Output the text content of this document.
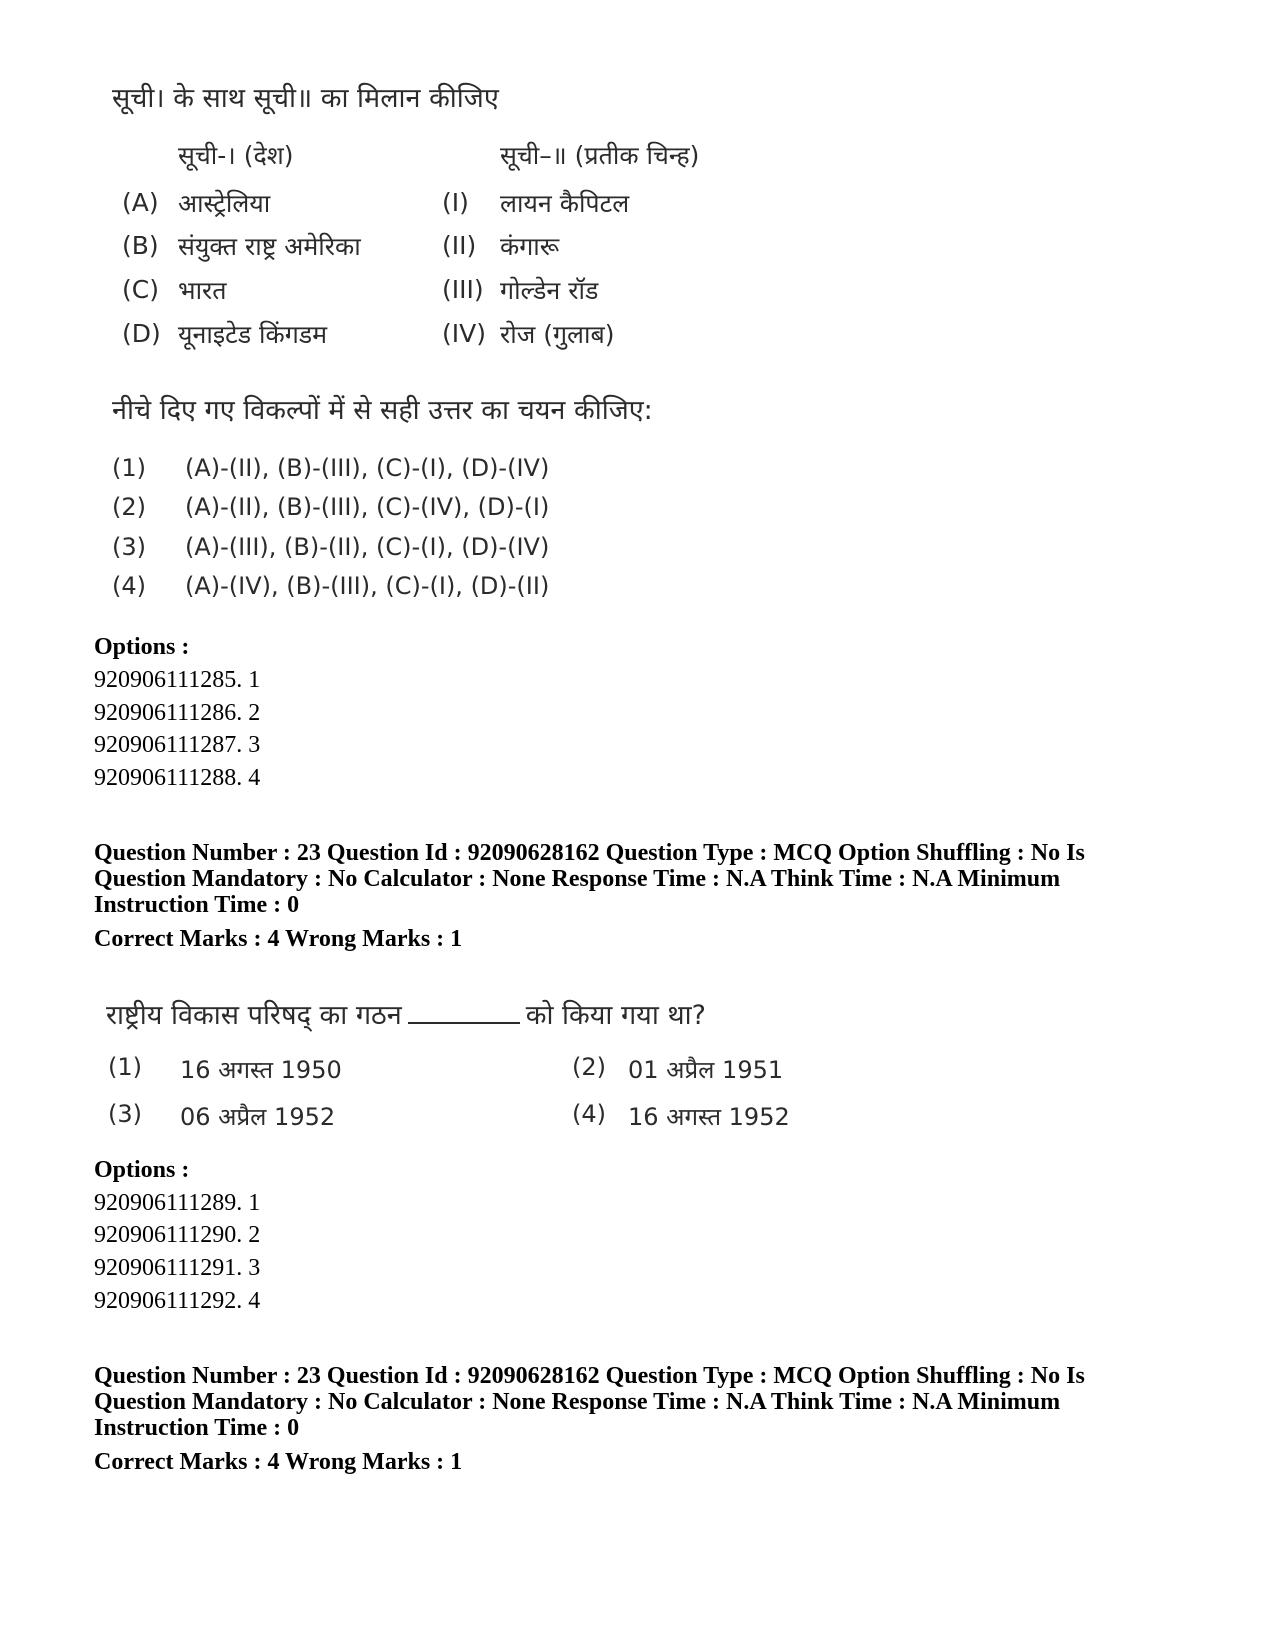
सूची। के साथ सूची॥ का मिलान कीजिए
सूची-। (देश)	सूची–॥ (प्रतीक चिन्ह)
(A) आस्ट्रेलिया	(I) लायन कैपिटल
(B) संयुक्त राष्ट्र अमेरिका	(II) कंगारू
(C) भारत	(III) गोल्डेन रॉड
(D) यूनाइटेड किंगडम	(IV) रोज (गुलाब)
नीचे दिए गए विकल्पों में से सही उत्तर का चयन कीजिए:
(1) (A)-(II), (B)-(III), (C)-(I), (D)-(IV)
(2) (A)-(II), (B)-(III), (C)-(IV), (D)-(I)
(3) (A)-(III), (B)-(II), (C)-(I), (D)-(IV)
(4) (A)-(IV), (B)-(III), (C)-(I), (D)-(II)
Options :
920906111285. 1
920906111286. 2
920906111287. 3
920906111288. 4
Question Number : 23 Question Id : 92090628162 Question Type : MCQ Option Shuffling : No Is
Question Mandatory : No Calculator : None Response Time : N.A Think Time : N.A Minimum
Instruction Time : 0
Correct Marks : 4 Wrong Marks : 1
राष्ट्रीय विकास परिषद् का गठन	को किया गया था?
(1) 16 अगस्त 1950	(2) 01 अप्रैल 1951
(3) 06 अप्रैल 1952	(4) 16 अगस्त 1952
Options :
920906111289. 1
920906111290. 2
920906111291. 3
920906111292. 4
Question Number : 23 Question Id : 92090628162 Question Type : MCQ Option Shuffling : No Is
Question Mandatory : No Calculator : None Response Time : N.A Think Time : N.A Minimum
Instruction Time : 0
Correct Marks : 4 Wrong Marks : 1
